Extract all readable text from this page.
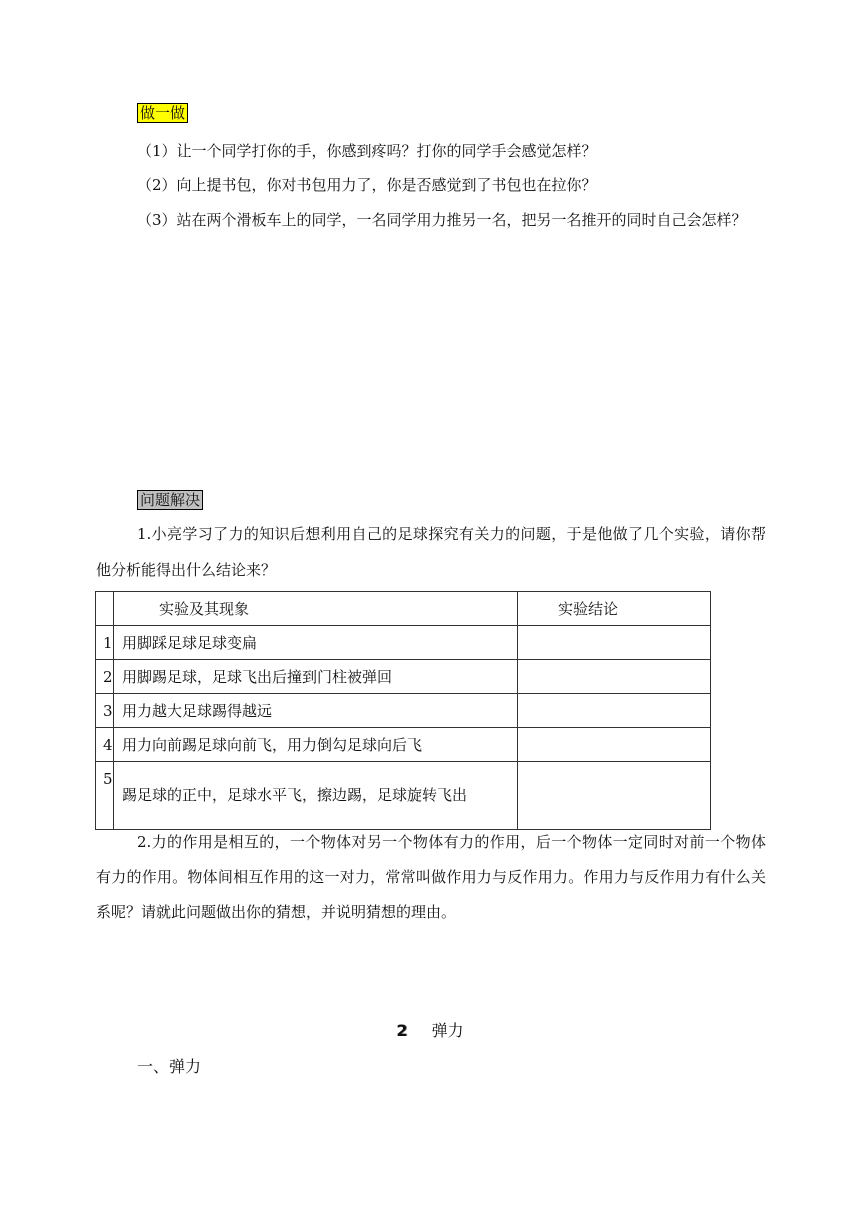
做一做
（1）让一个同学打你的手，你感到疼吗？打你的同学手会感觉怎样？
（2）向上提书包，你对书包用力了，你是否感觉到了书包也在拉你？
（3）站在两个滑板车上的同学，一名同学用力推另一名，把另一名推开的同时自己会怎样？
问题解决
1.小亮学习了力的知识后想利用自己的足球探究有关力的问题，于是他做了几个实验，请你帮他分析能得出什么结论来？
	实验及其现象	实验结论
1	用脚踩足球足球变扁	
2	用脚踢足球，足球飞出后撞到门柱被弹回	
3	用力越大足球踢得越远	
4	用力向前踢足球向前飞，用力倒勾足球向后飞	
5	踢足球的正中，足球水平飞，擦边踢，足球旋转飞出	
2.力的作用是相互的，一个物体对另一个物体有力的作用，后一个物体一定同时对前一个物体有力的作用。物体间相互作用的这一对力，常常叫做作用力与反作用力。作用力与反作用力有什么关系呢？请就此问题做出你的猜想，并说明猜想的理由。
2 弹力
一、弹力
